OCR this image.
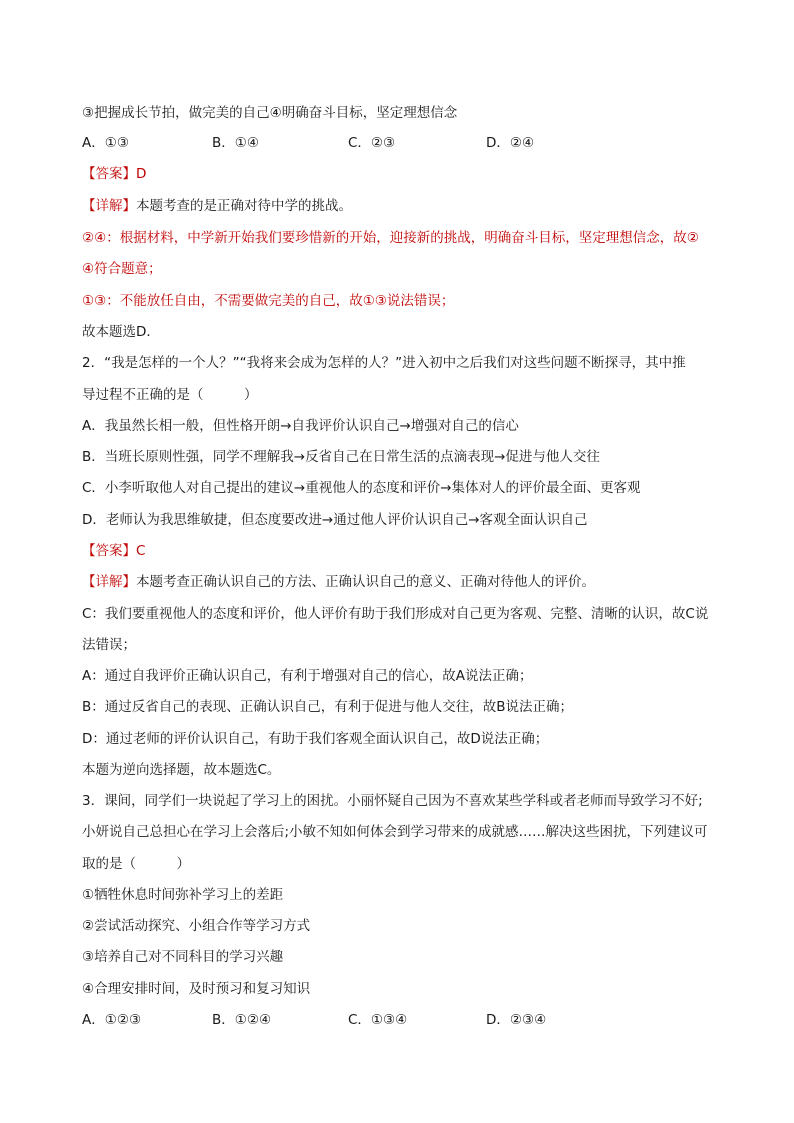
③把握成长节拍，做完美的自己④明确奋斗目标，坚定理想信念
A．①③	B．①④	C．②③	D．②④
【答案】D
【详解】本题考查的是正确对待中学的挑战。
②④：根据材料，中学新开始我们要珍惜新的开始，迎接新的挑战，明确奋斗目标，坚定理想信念，故②
④符合题意；
①③：不能放任自由，不需要做完美的自己，故①③说法错误；
故本题选D．
2．“我是怎样的一个人？”“我将来会成为怎样的人？”进入初中之后我们对这些问题不断探寻，其中推
导过程不正确的是（　　　）
A．我虽然长相一般，但性格开朗→自我评价认识自己→增强对自己的信心
B．当班长原则性强，同学不理解我→反省自己在日常生活的点滴表现→促进与他人交往
C．小李听取他人对自己提出的建议→重视他人的态度和评价→集体对人的评价最全面、更客观
D．老师认为我思维敏捷，但态度要改进→通过他人评价认识自己→客观全面认识自己
【答案】C
【详解】本题考查正确认识自己的方法、正确认识自己的意义、正确对待他人的评价。
C：我们要重视他人的态度和评价，他人评价有助于我们形成对自己更为客观、完整、清晰的认识，故C说
法错误；
A：通过自我评价正确认识自己，有利于增强对自己的信心，故A说法正确；
B：通过反省自己的表现、正确认识自己，有利于促进与他人交往，故B说法正确；
D：通过老师的评价认识自己，有助于我们客观全面认识自己，故D说法正确；
本题为逆向选择题，故本题选C。
3．课间，同学们一块说起了学习上的困扰。小丽怀疑自己因为不喜欢某些学科或者老师而导致学习不好;
小妍说自己总担心在学习上会落后;小敏不知如何体会到学习带来的成就感……解决这些困扰，下列建议可
取的是（　　　）
①牺牲休息时间弥补学习上的差距
②尝试活动探究、小组合作等学习方式
③培养自己对不同科目的学习兴趣
④合理安排时间，及时预习和复习知识
A．①②③	B．①②④	C．①③④	D．②③④
